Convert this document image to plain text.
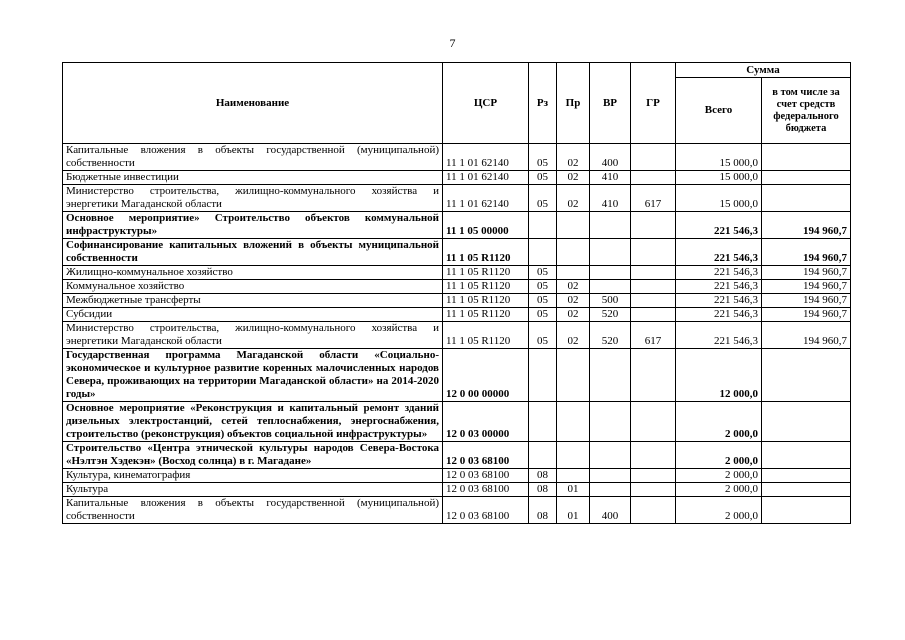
7
Наименование	ЦСР	Рз	Пр	ВР	ГР	Сумма	
						Всего	в том числе за счет средств федерального бюджета
Капитальные вложения в объекты государственной (муниципальной) собственности	11 1 01 62140	05	02	400		15 000,0	
Бюджетные инвестиции	11 1 01 62140	05	02	410		15 000,0	
Министерство строительства, жилищно-коммунального хозяйства и энергетики Магаданской области	11 1 01 62140	05	02	410	617	15 000,0	
Основное мероприятие» Строительство объектов коммунальной инфраструктуры»	11 1 05 00000					221 546,3	194 960,7
Софинансирование капитальных вложений в объекты муниципальной собственности	11 1 05 R1120					221 546,3	194 960,7
Жилищно-коммунальное хозяйство	11 1 05 R1120	05				221 546,3	194 960,7
Коммунальное хозяйство	11 1 05 R1120	05	02			221 546,3	194 960,7
Межбюджетные трансферты	11 1 05 R1120	05	02	500		221 546,3	194 960,7
Субсидии	11 1 05 R1120	05	02	520		221 546,3	194 960,7
Министерство строительства, жилищно-коммунального хозяйства и энергетики Магаданской области	11 1 05 R1120	05	02	520	617	221 546,3	194 960,7
Государственная программа Магаданской области «Социально-экономическое и культурное развитие коренных малочисленных народов Севера, проживающих на территории Магаданской области» на 2014-2020 годы»	12 0 00 00000					12 000,0	
Основное мероприятие «Реконструкция и капитальный ремонт зданий дизельных электростанций, сетей теплоснабжения, энергоснабжения, строительство (реконструкция) объектов социальной инфраструктуры»	12 0 03 00000					2 000,0	
Строительство «Центра этнической культуры народов Севера-Востока «Нэлтэн Хэдекэн» (Восход солнца) в г. Магадане»	12 0 03 68100					2 000,0	
Культура, кинематография	12 0 03 68100	08				2 000,0	
Культура	12 0 03 68100	08	01			2 000,0	
Капитальные вложения в объекты государственной (муниципальной) собственности	12 0 03 68100	08	01	400		2 000,0	
